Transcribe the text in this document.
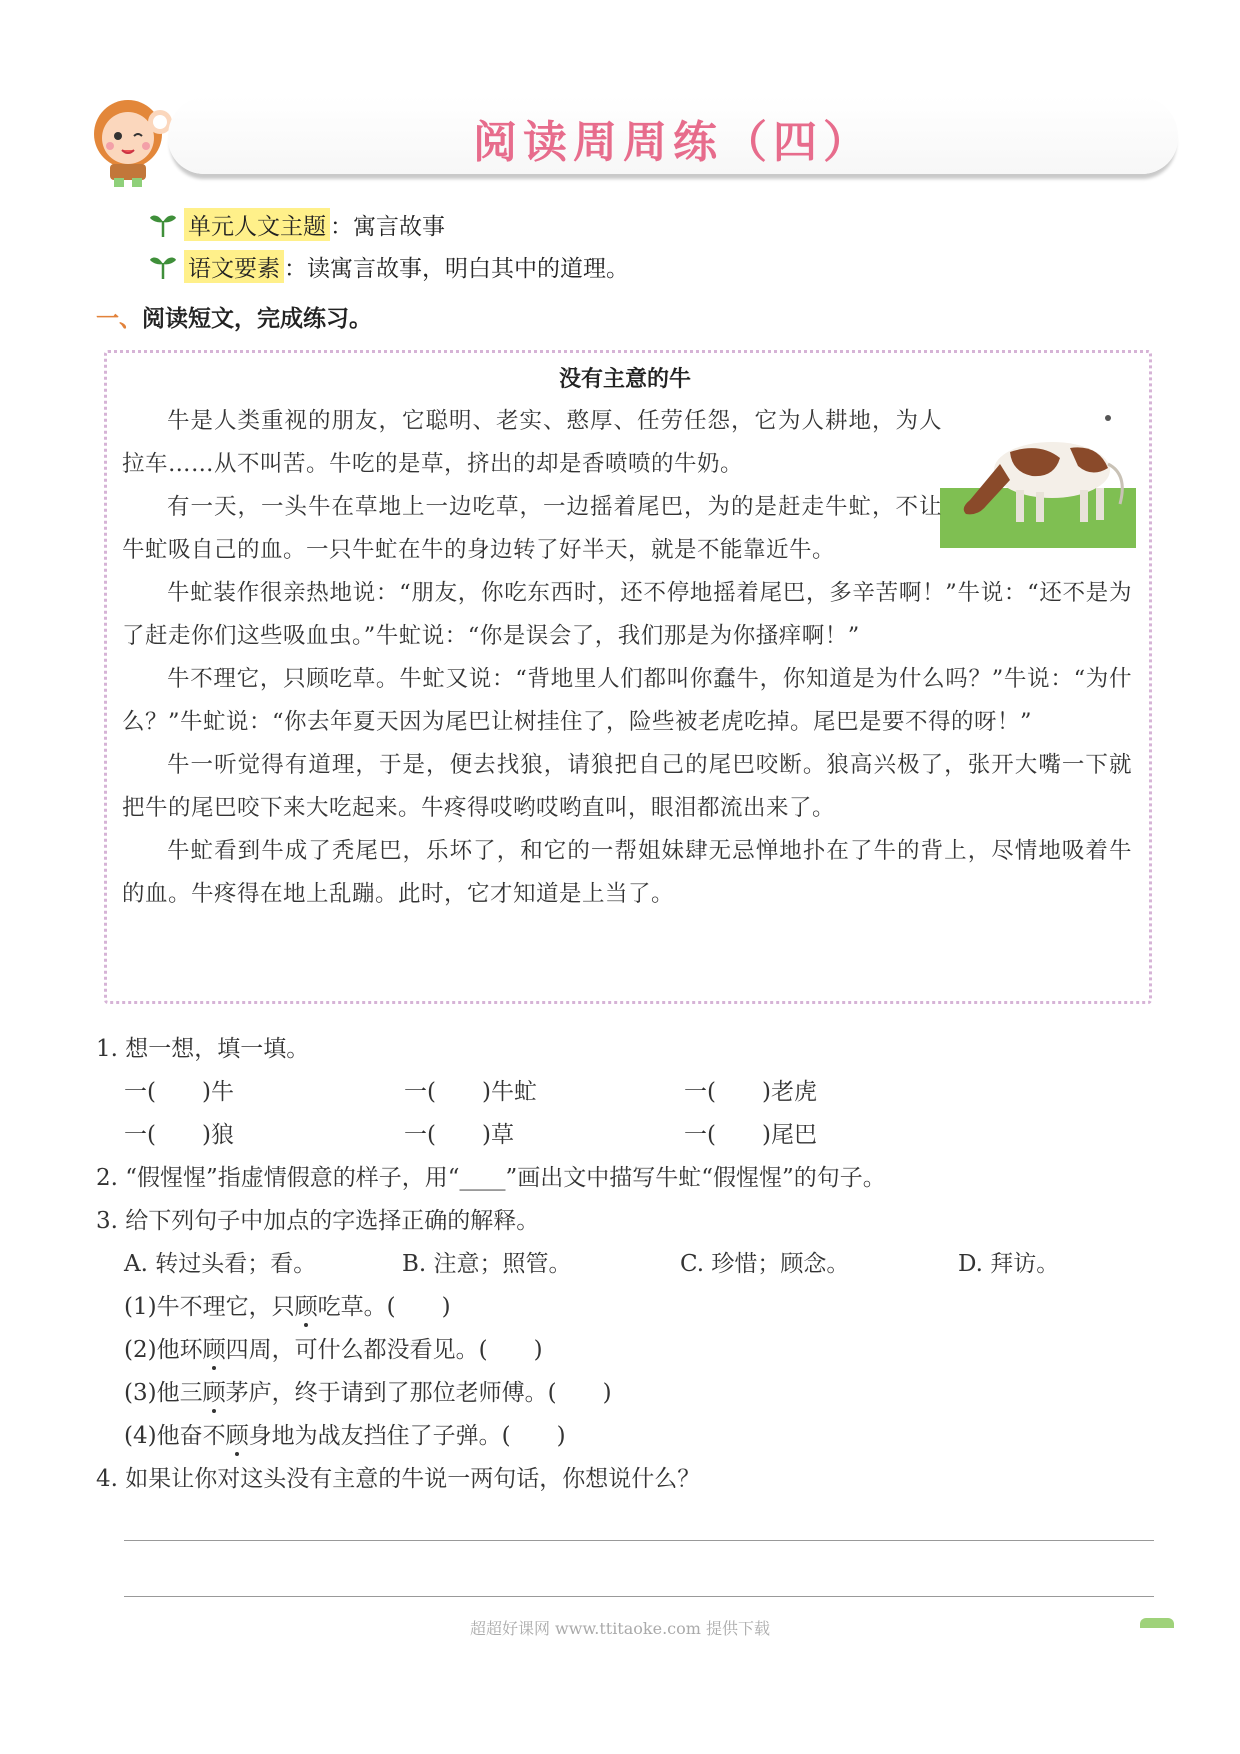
阅读周周练（四）
单元人文主题 ： 寓言故事
语文要素 ： 读寓言故事，明白其中的道理。
一、阅读短文，完成练习。
没有主意的牛

牛是人类重视的朋友，它聪明、老实、憨厚、任劳任怨，它为人耕地，为人拉车……从不叫苦。牛吃的是草，挤出的却是香喷喷的牛奶。

有一天，一头牛在草地上一边吃草，一边摇着尾巴，为的是赶走牛虻，不让牛虻吸自己的血。一只牛虻在牛的身边转了好半天，就是不能靠近牛。

牛虻装作很亲热地说：“朋友，你吃东西时，还不停地摇着尾巴，多辛苦啊！”牛说：“还不是为了赶走你们这些吸血虫。”牛虻说：“你是误会了，我们那是为你搔痒啊！”

牛不理它，只顾吃草。牛虻又说：“背地里人们都叫你蠢牛，你知道是为什么吗？”牛说：“为什么？”牛虻说：“你去年夏天因为尾巴让树挂住了，险些被老虎吃掉。尾巴是要不得的呀！”

牛一听觉得有道理，于是，便去找狼，请狼把自己的尾巴咬断。狼高兴极了，张开大嘴一下就把牛的尾巴咬下来大吃起来。牛疼得哎哟哎哟直叫，眼泪都流出来了。

牛虻看到牛成了秃尾巴，乐坏了，和它的一帮姐妹肆无忌惮地扑在了牛的背上，尽情地吸着牛的血。牛疼得在地上乱蹦。此时，它才知道是上当了。

1. 想一想，填一填。
一(　　)牛	一(　　)牛虻	一(　　)老虎
一(　　)狼	一(　　)草	一(　　)尾巴
2. “假惺惺”指虚情假意的样子，用“____”画出文中描写牛虻“假惺惺”的句子。
3. 给下列句子中加点的字选择正确的解释。
A. 转过头看；看。	B. 注意；照管。	C. 珍惜；顾念。	D. 拜访。
(1)牛不理它，只顾吃草。(　　)
(2)他环顾四周，可什么都没看见。(　　)
(3)他三顾茅庐，终于请到了那位老师傅。(　　)
(4)他奋不顾身地为战友挡住了子弹。(　　)
4. 如果让你对这头没有主意的牛说一两句话，你想说什么？
超超好课网 www.ttitaoke.com 提供下载
